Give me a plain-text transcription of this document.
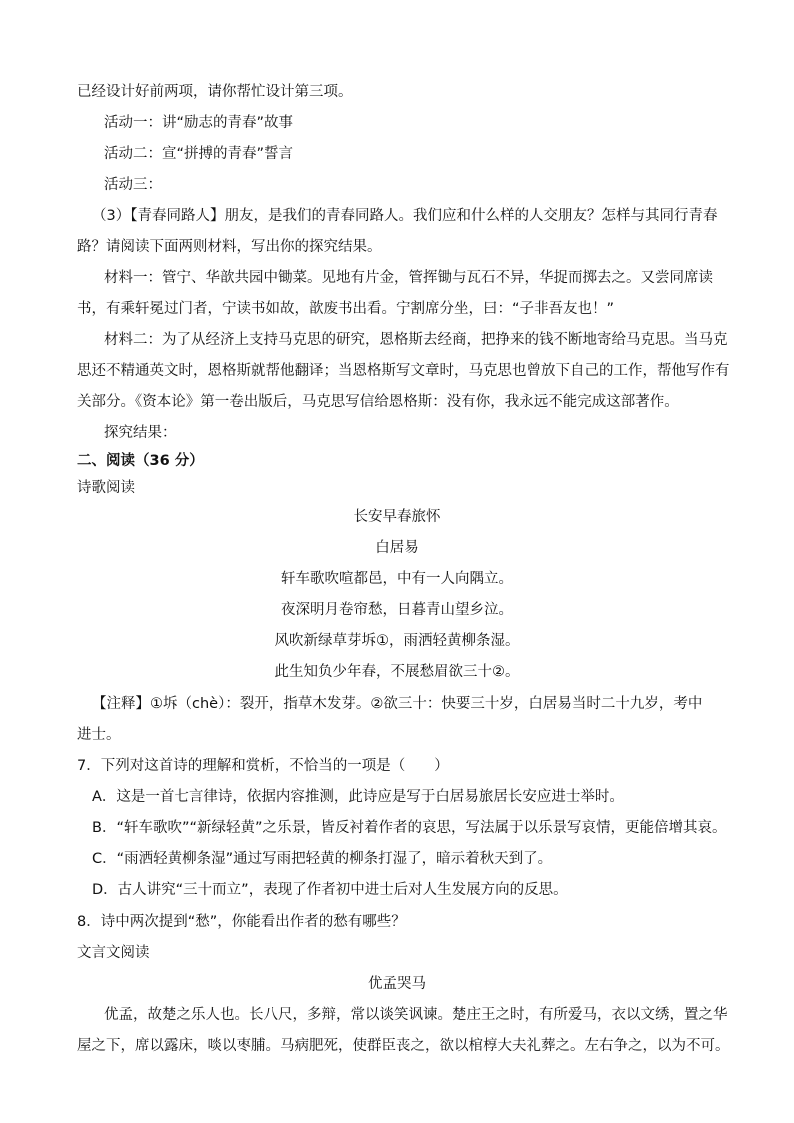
已经设计好前两项，请你帮忙设计第三项。
活动一：讲“励志的青春”故事
活动二：宣“拼搏的青春”誓言
活动三：
（3）【青春同路人】朋友，是我们的青春同路人。我们应和什么样的人交朋友？怎样与其同行青春
路？请阅读下面两则材料，写出你的探究结果。
材料一：管宁、华歆共园中锄菜。见地有片金，管挥锄与瓦石不异，华捉而掷去之。又尝同席读
书，有乘轩冕过门者，宁读书如故，歆废书出看。宁割席分坐，曰：“子非吾友也！”
材料二：为了从经济上支持马克思的研究，恩格斯去经商，把挣来的钱不断地寄给马克思。当马克
思还不精通英文时，恩格斯就帮他翻译；当恩格斯写文章时，马克思也曾放下自己的工作，帮他写作有
关部分。《资本论》第一卷出版后，马克思写信给恩格斯：没有你，我永远不能完成这部著作。
探究结果：
二、阅读（36 分）
诗歌阅读
长安早春旅怀
白居易
轩车歌吹喧都邑，中有一人向隅立。
夜深明月卷帘愁，日暮青山望乡泣。
风吹新绿草芽坼①，雨洒轻黄柳条湿。
此生知负少年春，不展愁眉欲三十②。
【注释】①坼（chè）：裂开，指草木发芽。②欲三十：快要三十岁，白居易当时二十九岁，考中
进士。
7．下列对这首诗的理解和赏析，不恰当的一项是（　　）
A．这是一首七言律诗，依据内容推测，此诗应是写于白居易旅居长安应进士举时。
B．“轩车歌吹”“新绿轻黄”之乐景，皆反衬着作者的哀思，写法属于以乐景写哀情，更能倍增其哀。
C．“雨洒轻黄柳条湿”通过写雨把轻黄的柳条打湿了，暗示着秋天到了。
D．古人讲究“三十而立”，表现了作者初中进士后对人生发展方向的反思。
8．诗中两次提到“愁”，你能看出作者的愁有哪些？
文言文阅读
优孟哭马
优孟，故楚之乐人也。长八尺，多辩，常以谈笑讽谏。楚庄王之时，有所爱马，衣以文绣，置之华
屋之下，席以露床，啖以枣脯。马病肥死，使群臣丧之，欲以棺椁大夫礼葬之。左右争之，以为不可。
